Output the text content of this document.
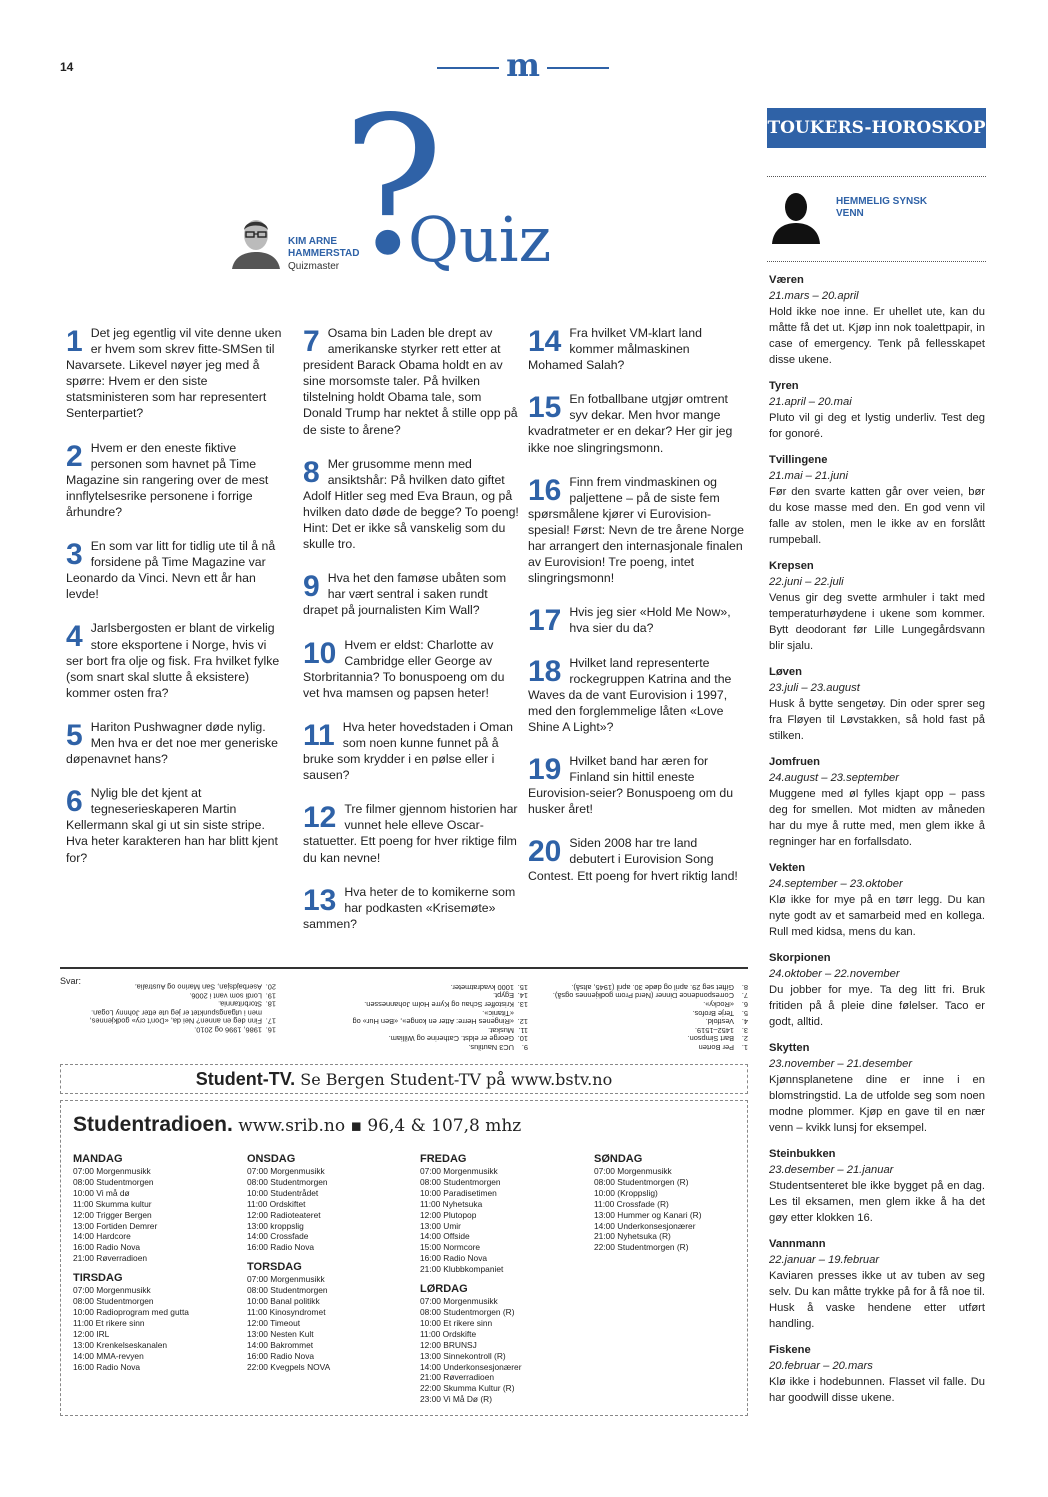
14	m
?
Quiz
KIM ARNE HAMMERSTAD
Quizmaster
1 Det jeg egentlig vil vite denne uken er hvem som skrev fitte-SMSen til Navarsete. Likevel nøyer jeg med å spørre: Hvem er den siste statsministeren som har representert Senterpartiet?
2 Hvem er den eneste fiktive personen som havnet på Time Magazine sin rangering over de mest innflytelsesrike personene i forrige århundre?
3 En som var litt for tidlig ute til å nå forsidene på Time Magazine var Leonardo da Vinci. Nevn ett år han levde!
4 Jarlsbergosten er blant de virkelig store eksportene i Norge, hvis vi ser bort fra olje og fisk. Fra hvilket fylke (som snart skal slutte å eksistere) kommer osten fra?
5 Hariton Pushwagner døde nylig. Men hva er det noe mer generiske døpenavnet hans?
6 Nylig ble det kjent at tegneserieskaperen Martin Kellermann skal gi ut sin siste stripe. Hva heter karakteren han har blitt kjent for?
7 Osama bin Laden ble drept av amerikanske styrker rett etter at president Barack Obama holdt en av sine morsomste taler. På hvilken tilstelning holdt Obama tale, som Donald Trump har nektet å stille opp på de siste to årene?
8 Mer grusomme menn med ansiktshår: På hvilken dato giftet Adolf Hitler seg med Eva Braun, og på hvilken dato døde de begge? To poeng! Hint: Det er ikke så vanskelig som du skulle tro.
9 Hva het den famøse ubåten som har vært sentral i saken rundt drapet på journalisten Kim Wall?
10 Hvem er eldst: Charlotte av Cambridge eller George av Storbritannia? To bonuspoeng om du vet hva mamsen og papsen heter!
11 Hva heter hovedstaden i Oman som noen kunne funnet på å bruke som krydder i en pølse eller i sausen?
12 Tre filmer gjennom historien har vunnet hele elleve Oscar-statuetter. Ett poeng for hver riktige film du kan nevne!
13 Hva heter de to komikerne som har podkasten «Krisemøte» sammen?
14 Fra hvilket VM-klart land kommer målmaskinen Mohamed Salah?
15 En fotballbane utgjør omtrent syv dekar. Men hvor mange kvadratmeter er en dekar? Her gir jeg ikke noe slingringsmonn.
16 Finn frem vindmaskinen og paljettene – på de siste fem spørsmålene kjører vi Eurovision-spesial! Først: Nevn de tre årene Norge har arrangert den internasjonale finalen av Eurovision! Tre poeng, intet slingringsmonn!
17 Hvis jeg sier «Hold Me Now», hva sier du da?
18 Hvilket land representerte rockegruppen Katrina and the Waves da de vant Eurovision i 1997, med den forglemmelige låten «Love Shine A Light»?
19 Hvilket band har æren for Finland sin hittil eneste Eurovision-seier? Bonuspoeng om du husker året!
20 Siden 2008 har tre land debutert i Eurovision Song Contest. Ett poeng for hvert riktig land!
Svar:
16.1986, 1996 og 2010.
17.Finn deg en annen? Nei da, «Don't cry» godkjennes,
men i utgangspunktet er jeg ute etter Johnny Logan.
18.Storbritannia.
19.Lordi som vant i 2006.
20.Aserbajdsjan, San Marino og Australia.
9.UC3 Nautilus.
10.George er eldst. Catherine og William.
11.Muskat.
12.«Ringenes Herre: Atter en konge», «Ben Hur» og
«Titanic».
13.Kristoffer Schau og Kyrre Holm Johannessen.
14.Egypt.
15.1000 kvadratmeter.
1.Per Borten
2.Bart Simpson.
3.1452–1519.
4.Vestfold.
5.Terje Brofos.
6.«Rocky».
7.Correspondence Dinner (Nerd Prom godkjennes også).
8.Giftet seg 29. april og døde 30. april (1945, altså).
Student-TV. Se Bergen Student-TV på www.bstv.no
Studentradioen. www.srib.no ▪ 96,4 & 107,8 mhz
MANDAG
07:00 Morgenmusikk
08:00 Studentmorgen
10:00 Vi må dø
11:00 Skumma kultur
12:00 Trigger Bergen
13:00 Fortiden Demrer
14:00 Hardcore
16:00 Radio Nova
21:00 Røverradioen
TIRSDAG
07:00 Morgenmusikk
08:00 Studentmorgen
10:00 Radioprogram med gutta
11:00 Et rikere sinn
12:00 IRL
13:00 Krenkelseskanalen
14:00 MMA-revyen
16:00 Radio Nova
ONSDAG
07:00 Morgenmusikk
08:00 Studentmorgen
10:00 Studentrådet
11:00 Ordskiftet
12:00 Radioteateret
13:00 kroppslig
14:00 Crossfade
16:00 Radio Nova
TORSDAG
07:00 Morgenmusikk
08:00 Studentmorgen
10:00 Banal politikk
11:00 Kinosyndromet
12:00 Timeout
13:00 Nesten Kult
14:00 Bakrommet
16:00 Radio Nova
22:00 Kvegpels NOVA
FREDAG
07:00 Morgenmusikk
08:00 Studentmorgen
10:00 Paradisetimen
11:00 Nyhetsuka
12:00 Plutopop
13:00 Umir
14:00 Offside
15:00 Normcore
16:00 Radio Nova
21:00 Klubbkompaniet
LØRDAG
07:00 Morgenmusikk
08:00 Studentmorgen (R)
10:00 Et rikere sinn
11:00 Ordskifte
12:00 BRUNSJ
13:00 Sinnekontroll (R)
14:00 Underkonsesjonærer
21:00 Røverradioen
22:00 Skumma Kultur (R)
23:00 Vi Må Dø (R)
SØNDAG
07:00 Morgenmusikk
08:00 Studentmorgen (R)
10:00 (Kroppslig)
11:00 Crossfade (R)
13:00 Hummer og Kanari (R)
14:00 Underkonsesjonærer
21:00 Nyhetsuka (R)
22:00 Studentmorgen (R)
TOUKERS-HOROSKOP
HEMMELIG SYNSK VENN
Væren
21.mars – 20.april
Hold ikke noe inne. Er uhellet ute, kan du måtte få det ut. Kjøp inn nok toalettpapir, in case of emergency. Tenk på fellesskapet disse ukene.
Tyren
21.april – 20.mai
Pluto vil gi deg et lystig underliv. Test deg for gonoré.
Tvillingene
21.mai – 21.juni
Før den svarte katten går over veien, bør du kose masse med den. En god venn vil falle av stolen, men le ikke av en forslått rumpeball.
Krepsen
22.juni – 22.juli
Venus gir deg svette armhuler i takt med temperaturhøydene i ukene som kommer. Bytt deodorant før Lille Lungegårdsvann blir sjalu.
Løven
23.juli – 23.august
Husk å bytte sengetøy. Din oder sprer seg fra Fløyen til Løvstakken, så hold fast på stilken.
Jomfruen
24.august – 23.september
Muggene med øl fylles kjapt opp – pass deg for smellen. Mot midten av måneden har du mye å rutte med, men glem ikke å regninger har en forfallsdato.
Vekten
24.september – 23.oktober
Klø ikke for mye på en tørr legg. Du kan nyte godt av et samarbeid med en kollega. Rull med kidsa, mens du kan.
Skorpionen
24.oktober – 22.november
Du jobber for mye. Ta deg litt fri. Bruk fritiden på å pleie dine følelser. Taco er godt, alltid.
Skytten
23.november – 21.desember
Kjønnsplanetene dine er inne i en blomstringstid. La de utfolde seg som noen modne plommer. Kjøp en gave til en nær venn – kvikk lunsj for eksempel.
Steinbukken
23.desember – 21.januar
Studentsenteret ble ikke bygget på en dag. Les til eksamen, men glem ikke å ha det gøy etter klokken 16.
Vannmann
22.januar – 19.februar
Kaviaren presses ikke ut av tuben av seg selv. Du kan måtte trykke på for å få noe til. Husk å vaske hendene etter utført handling.
Fiskene
20.februar – 20.mars
Klø ikke i hodebunnen. Flasset vil falle. Du har goodwill disse ukene.
